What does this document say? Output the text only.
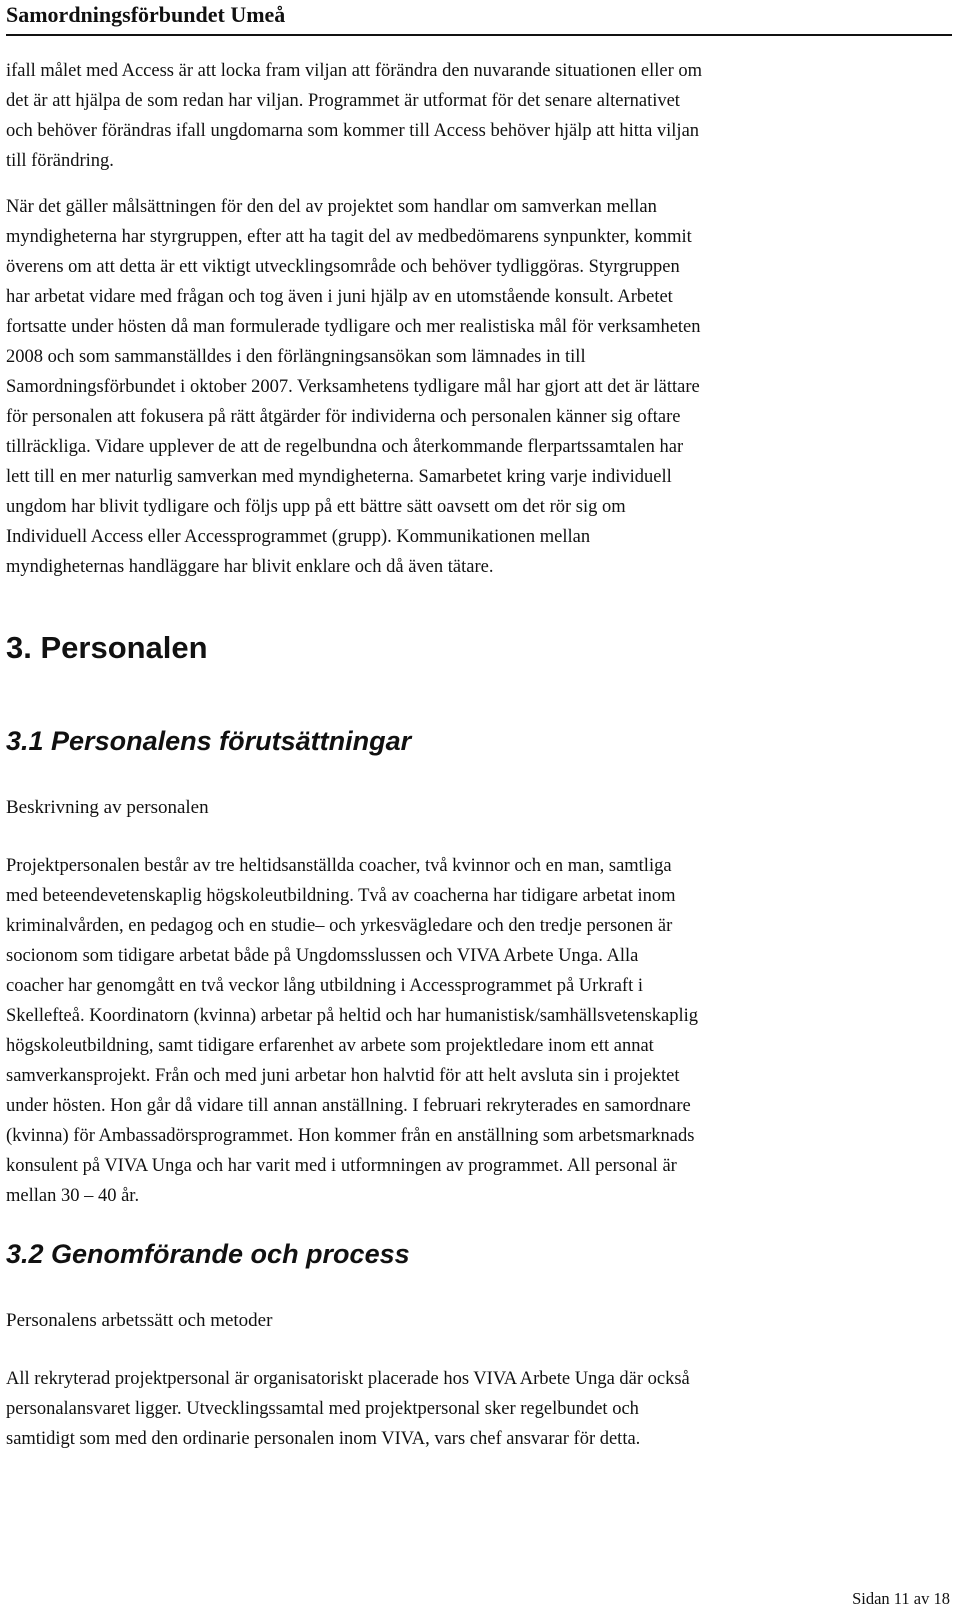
Samordningsförbundet Umeå

ifall målet med Access är att locka fram viljan att förändra den nuvarande situationen eller om
det är att hjälpa de som redan har viljan. Programmet är utformat för det senare alternativet
och behöver förändras ifall ungdomarna som kommer till Access behöver hjälp att hitta viljan
till förändring.

När det gäller målsättningen för den del av projektet som handlar om samverkan mellan
myndigheterna har styrgruppen, efter att ha tagit del av medbedömarens synpunkter, kommit
överens om att detta är ett viktigt utvecklingsområde och behöver tydliggöras. Styrgruppen
har arbetat vidare med frågan och tog även i juni hjälp av en utomstående konsult. Arbetet
fortsatte under hösten då man formulerade tydligare och mer realistiska mål för verksamheten
2008 och som sammanställdes i den förlängningsansökan som lämnades in till
Samordningsförbundet i oktober 2007. Verksamhetens tydligare mål har gjort att det är lättare
för personalen att fokusera på rätt åtgärder för individerna och personalen känner sig oftare
tillräckliga. Vidare upplever de att de regelbundna och återkommande flerpartssamtalen har
lett till en mer naturlig samverkan med myndigheterna. Samarbetet kring varje individuell
ungdom har blivit tydligare och följs upp på ett bättre sätt oavsett om det rör sig om
Individuell Access eller Accessprogrammet (grupp). Kommunikationen mellan
myndigheternas handläggare har blivit enklare och då även tätare.

3. Personalen
3.1 Personalens förutsättningar

Beskrivning av personalen

Projektpersonalen består av tre heltidsanställda coacher, två kvinnor och en man, samtliga
med beteendevetenskaplig högskoleutbildning. Två av coacherna har tidigare arbetat inom
kriminalvården, en pedagog och en studie– och yrkesvägledare och den tredje personen är
socionom som tidigare arbetat både på Ungdomsslussen och VIVA Arbete Unga. Alla
coacher har genomgått en två veckor lång utbildning i Accessprogrammet på Urkraft i
Skellefteå. Koordinatorn (kvinna) arbetar på heltid och har humanistisk/samhällsvetenskaplig
högskoleutbildning, samt tidigare erfarenhet av arbete som projektledare inom ett annat
samverkansprojekt. Från och med juni arbetar hon halvtid för att helt avsluta sin i projektet
under hösten. Hon går då vidare till annan anställning. I februari rekryterades en samordnare
(kvinna) för Ambassadörsprogrammet. Hon kommer från en anställning som arbetsmarknads
konsulent på VIVA Unga och har varit med i utformningen av programmet. All personal är
mellan 30 – 40 år.

3.2 Genomförande och process

Personalens arbetssätt och metoder

All rekryterad projektpersonal är organisatoriskt placerade hos VIVA Arbete Unga där också
personalansvaret ligger. Utvecklingssamtal med projektpersonal sker regelbundet och
samtidigt som med den ordinarie personalen inom VIVA, vars chef ansvarar för detta.

Sidan 11 av 18
